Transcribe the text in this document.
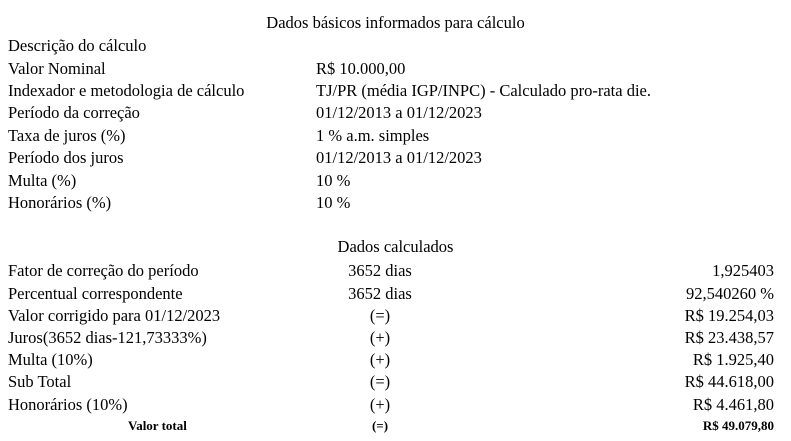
Dados básicos informados para cálculo
Descrição do cálculo
Valor Nominal	R$ 10.000,00
Indexador e metodologia de cálculo	TJ/PR (média IGP/INPC) - Calculado pro-rata die.
Período da correção	01/12/2013 a 01/12/2023
Taxa de juros (%)	1 % a.m. simples
Período dos juros	01/12/2013 a 01/12/2023
Multa (%)	10 %
Honorários (%)	10 %
Dados calculados
Fator de correção do período	3652 dias	1,925403
Percentual correspondente	3652 dias	92,540260 %
Valor corrigido para 01/12/2023	(=)	R$ 19.254,03
Juros(3652 dias-121,73333%)	(+)	R$ 23.438,57
Multa (10%)	(+)	R$ 1.925,40
Sub Total	(=)	R$ 44.618,00
Honorários (10%)	(+)	R$ 4.461,80
Valor total	(=)	R$ 49.079,80
